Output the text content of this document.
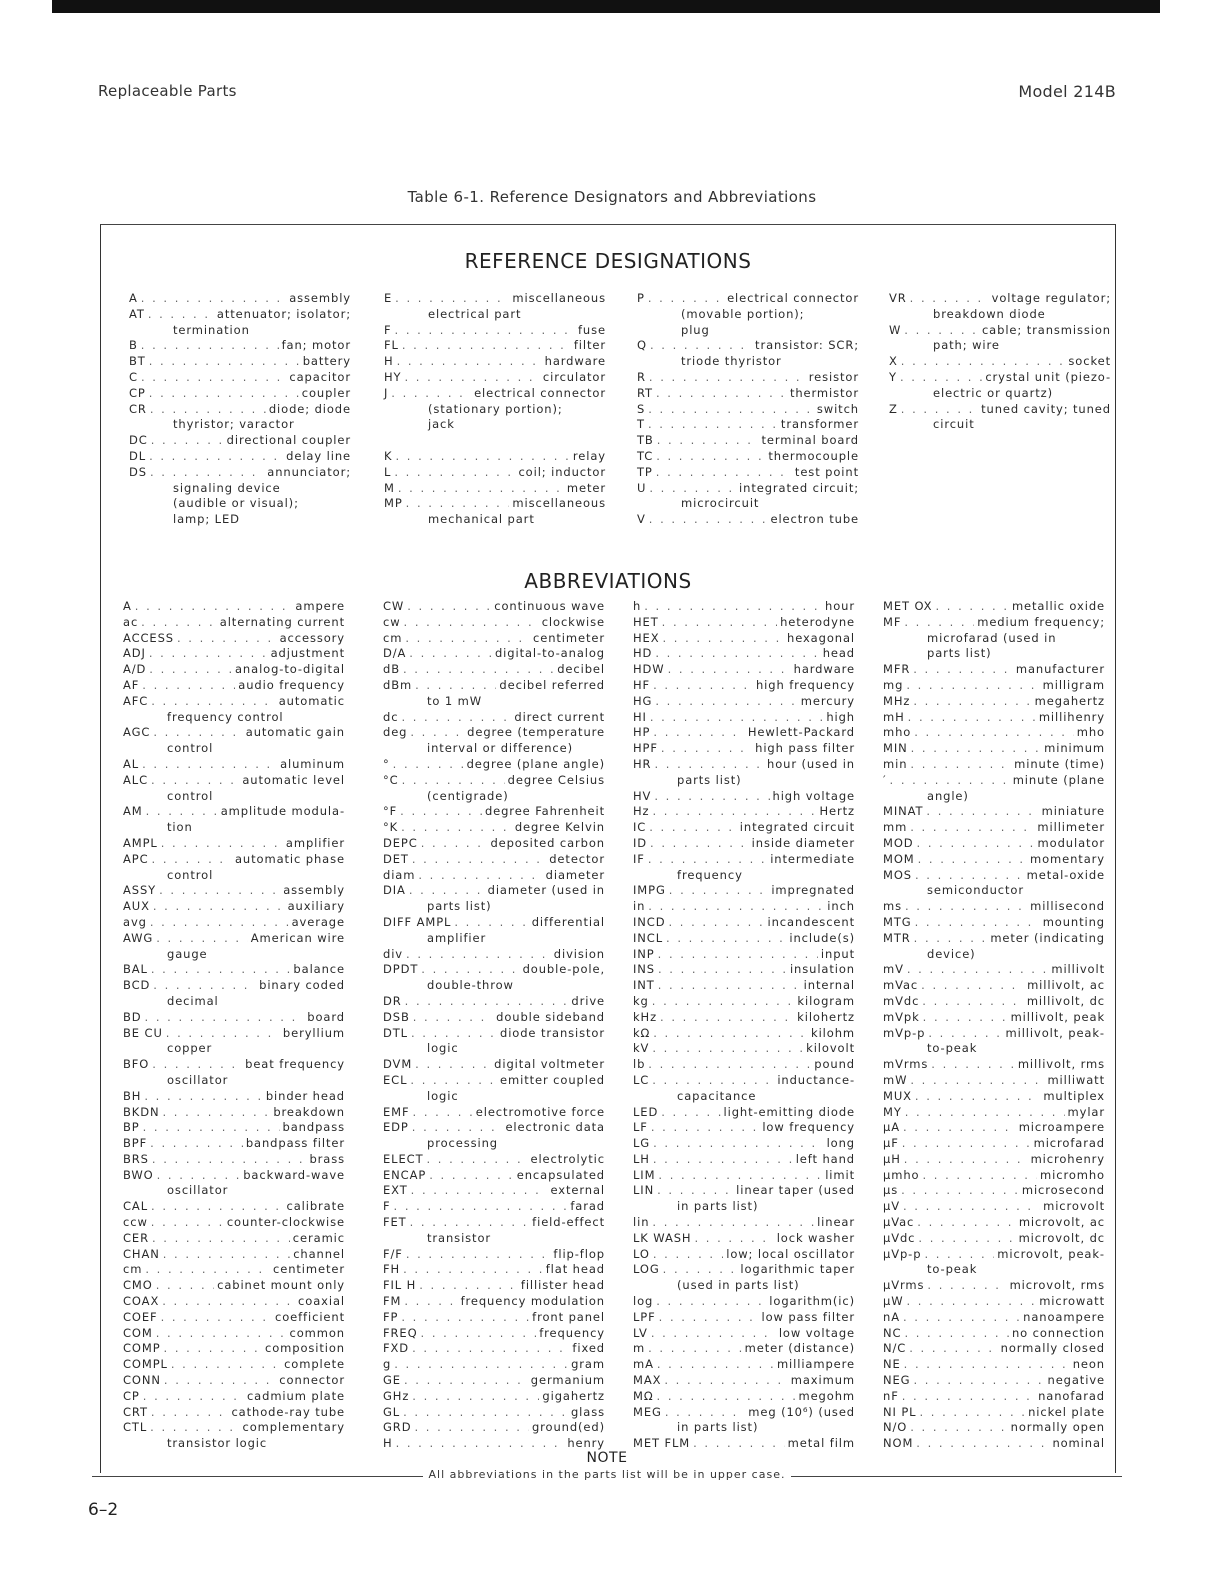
Replaceable Parts	Model 214B
Table 6-1. Reference Designators and Abbreviations
REFERENCE DESIGNATIONS
A . . .	assembly
AT . . .	attenuator; isolator;
termination
B . . .	fan; motor
BT . . .	battery
C . . .	capacitor
CP . . .	coupler
CR . . .	diode; diode
thyristor; varactor
DC . . .	directional coupler
DL . . .	delay line
DS . . .	annunciator;
signaling device
(audible or visual);
lamp; LED
E . . .	miscellaneous
electrical part
F . . .	fuse
FL . . .	filter
H . . .	hardware
HY . . .	circulator
J . . .	electrical connector
(stationary portion);
jack
K . . .	relay
L . . .	coil; inductor
M . . .	meter
MP . . .	miscellaneous
mechanical part
P . . .	electrical connector
(movable portion);
plug
Q . . .	transistor: SCR;
triode thyristor
R . . .	resistor
RT . . .	thermistor
S . . .	switch
T . . .	transformer
TB . . .	terminal board
TC . . .	thermocouple
TP . . .	test point
U . . .	integrated circuit;
microcircuit
V . . .	electron tube
VR . . .	voltage regulator;
breakdown diode
W . . .	cable; transmission
path; wire
X . . .	socket
Y . . .	crystal unit (piezo-
electric or quartz)
Z . . .	tuned cavity; tuned
circuit
ABBREVIATIONS
A . . .	ampere
ac . . .	alternating current
ACCESS . . .	accessory
ADJ . . .	adjustment
A/D . . .	analog-to-digital
AF . . .	audio frequency
AFC . . .	automatic
frequency control
AGC . . .	automatic gain
control
AL . . .	aluminum
ALC . . .	automatic level
control
AM . . .	amplitude modula-
tion
AMPL . . .	amplifier
APC . . .	automatic phase
control
ASSY . . .	assembly
AUX . . .	auxiliary
avg . . .	average
AWG . . .	American wire
gauge
BAL . . .	balance
BCD . . .	binary coded
decimal
BD . . .	board
BE CU . . .	beryllium
copper
BFO . . .	beat frequency
oscillator
BH . . .	binder head
BKDN . . .	breakdown
BP . . .	bandpass
BPF . . .	bandpass filter
BRS . . .	brass
BWO . . .	backward-wave
oscillator
CAL . . .	calibrate
ccw . . .	counter-clockwise
CER . . .	ceramic
CHAN . . .	channel
cm . . .	centimeter
CMO . . .	cabinet mount only
COAX . . .	coaxial
COEF . . .	coefficient
COM . . .	common
COMP . . .	composition
COMPL . . .	complete
CONN . . .	connector
CP . . .	cadmium plate
CRT . . .	cathode-ray tube
CTL . . .	complementary
transistor logic
CW . . .	continuous wave
cw . . .	clockwise
cm . . .	centimeter
D/A . . .	digital-to-analog
dB . . .	decibel
dBm . . .	decibel referred
to 1 mW
dc . . .	direct current
deg . . .	degree (temperature
interval or difference)
° . . .	degree (plane angle)
°C . . .	degree Celsius
(centigrade)
°F . . .	degree Fahrenheit
°K . . .	degree Kelvin
DEPC . . .	deposited carbon
DET . . .	detector
diam . . .	diameter
DIA . . .	diameter (used in
parts list)
DIFF AMPL . . .	differential
amplifier
div . . .	division
DPDT . . .	double-pole,
double-throw
DR . . .	drive
DSB . . .	double sideband
DTL . . .	diode transistor
logic
DVM . . .	digital voltmeter
ECL . . .	emitter coupled
logic
EMF . . .	electromotive force
EDP . . .	electronic data
processing
ELECT . . .	electrolytic
ENCAP . . .	encapsulated
EXT . . .	external
F . . .	farad
FET . . .	field-effect
transistor
F/F . . .	flip-flop
FH . . .	flat head
FIL H . . .	fillister head
FM . . .	frequency modulation
FP . . .	front panel
FREQ . . .	frequency
FXD . . .	fixed
g . . .	gram
GE . . .	germanium
GHz . . .	gigahertz
GL . . .	glass
GRD . . .	ground(ed)
H . . .	henry
h . . .	hour
HET . . .	heterodyne
HEX . . .	hexagonal
HD . . .	head
HDW . . .	hardware
HF . . .	high frequency
HG . . .	mercury
HI . . .	high
HP . . .	Hewlett-Packard
HPF . . .	high pass filter
HR . . .	hour (used in
parts list)
HV . . .	high voltage
Hz . . .	Hertz
IC . . .	integrated circuit
ID . . .	inside diameter
IF . . .	intermediate
frequency
IMPG . . .	impregnated
in . . .	inch
INCD . . .	incandescent
INCL . . .	include(s)
INP . . .	input
INS . . .	insulation
INT . . .	internal
kg . . .	kilogram
kHz . . .	kilohertz
kΩ . . .	kilohm
kV . . .	kilovolt
lb . . .	pound
LC . . .	inductance-
capacitance
LED . . .	light-emitting diode
LF . . .	low frequency
LG . . .	long
LH . . .	left hand
LIM . . .	limit
LIN . . .	linear taper (used
in parts list)
lin . . .	linear
LK WASH . . .	lock washer
LO . . .	low; local oscillator
LOG . . .	logarithmic taper
(used in parts list)
log . . .	logarithm(ic)
LPF . . .	low pass filter
LV . . .	low voltage
m . . .	meter (distance)
mA . . .	milliampere
MAX . . .	maximum
MΩ . . .	megohm
MEG . . .	meg (10⁶) (used
in parts list)
MET FLM . . .	metal film
MET OX . . .	metallic oxide
MF . . .	medium frequency;
microfarad (used in
parts list)
MFR . . .	manufacturer
mg . . .	milligram
MHz . . .	megahertz
mH . . .	millihenry
mho . . .	mho
MIN . . .	minimum
min . . .	minute (time)
′ . . .	minute (plane
angle)
MINAT . . .	miniature
mm . . .	millimeter
MOD . . .	modulator
MOM . . .	momentary
MOS . . .	metal-oxide
semiconductor
ms . . .	millisecond
MTG . . .	mounting
MTR . . .	meter (indicating
device)
mV . . .	millivolt
mVac . . .	millivolt, ac
mVdc . . .	millivolt, dc
mVpk . . .	millivolt, peak
mVp-p . . .	millivolt, peak-
to-peak
mVrms . . .	millivolt, rms
mW . . .	milliwatt
MUX . . .	multiplex
MY . . .	mylar
μA . . .	microampere
μF . . .	microfarad
μH . . .	microhenry
μmho . . .	micromho
μs . . .	microsecond
μV . . .	microvolt
μVac . . .	microvolt, ac
μVdc . . .	microvolt, dc
μVp-p . . .	microvolt, peak-
to-peak
μVrms . . .	microvolt, rms
μW . . .	microwatt
nA . . .	nanoampere
NC . . .	no connection
N/C . . .	normally closed
NE . . .	neon
NEG . . .	negative
nF . . .	nanofarad
NI PL . . .	nickel plate
N/O . . .	normally open
NOM . . .	nominal
NOTE
All abbreviations in the parts list will be in upper case.
6–2
